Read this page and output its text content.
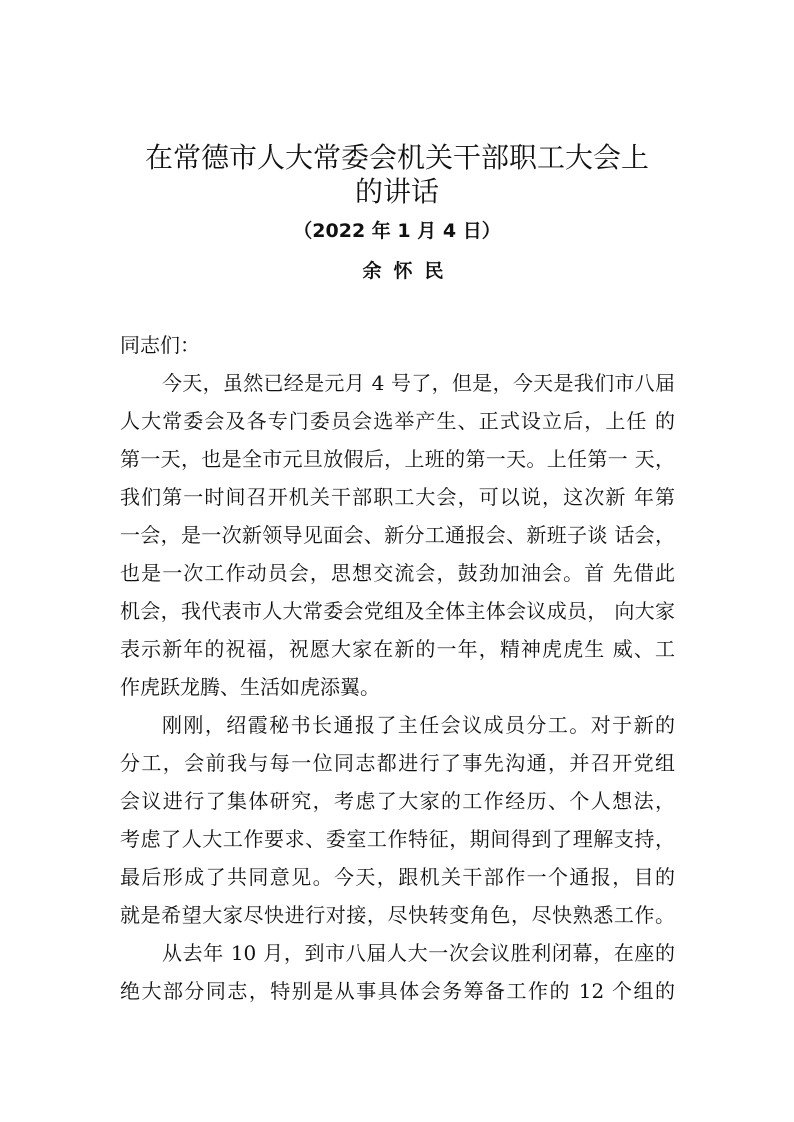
在常德市人大常委会机关干部职工大会上
的讲话
（2022 年 1 月 4 日）
余怀民
同志们：
今天，虽然已经是元月 4 号了，但是，今天是我们市八届
人大常委会及各专门委员会选举产生、正式设立后，上任 的
第一天，也是全市元旦放假后，上班的第一天。上任第一 天，
我们第一时间召开机关干部职工大会，可以说，这次新 年第
一会，是一次新领导见面会、新分工通报会、新班子谈 话会，
也是一次工作动员会，思想交流会，鼓劲加油会。首 先借此
机会，我代表市人大常委会党组及全体主体会议成员， 向大家
表示新年的祝福，祝愿大家在新的一年，精神虎虎生 威、工
作虎跃龙腾、生活如虎添翼。
刚刚，绍霞秘书长通报了主任会议成员分工。对于新的
分工，会前我与每一位同志都进行了事先沟通，并召开党组
会议进行了集体研究，考虑了大家的工作经历、个人想法，
考虑了人大工作要求、委室工作特征，期间得到了理解支持，
最后形成了共同意见。今天，跟机关干部作一个通报，目的
就是希望大家尽快进行对接，尽快转变角色，尽快熟悉工作。
从去年 10 月，到市八届人大一次会议胜利闭幕，在座的
绝大部分同志，特别是从事具体会务筹备工作的 12 个组的
